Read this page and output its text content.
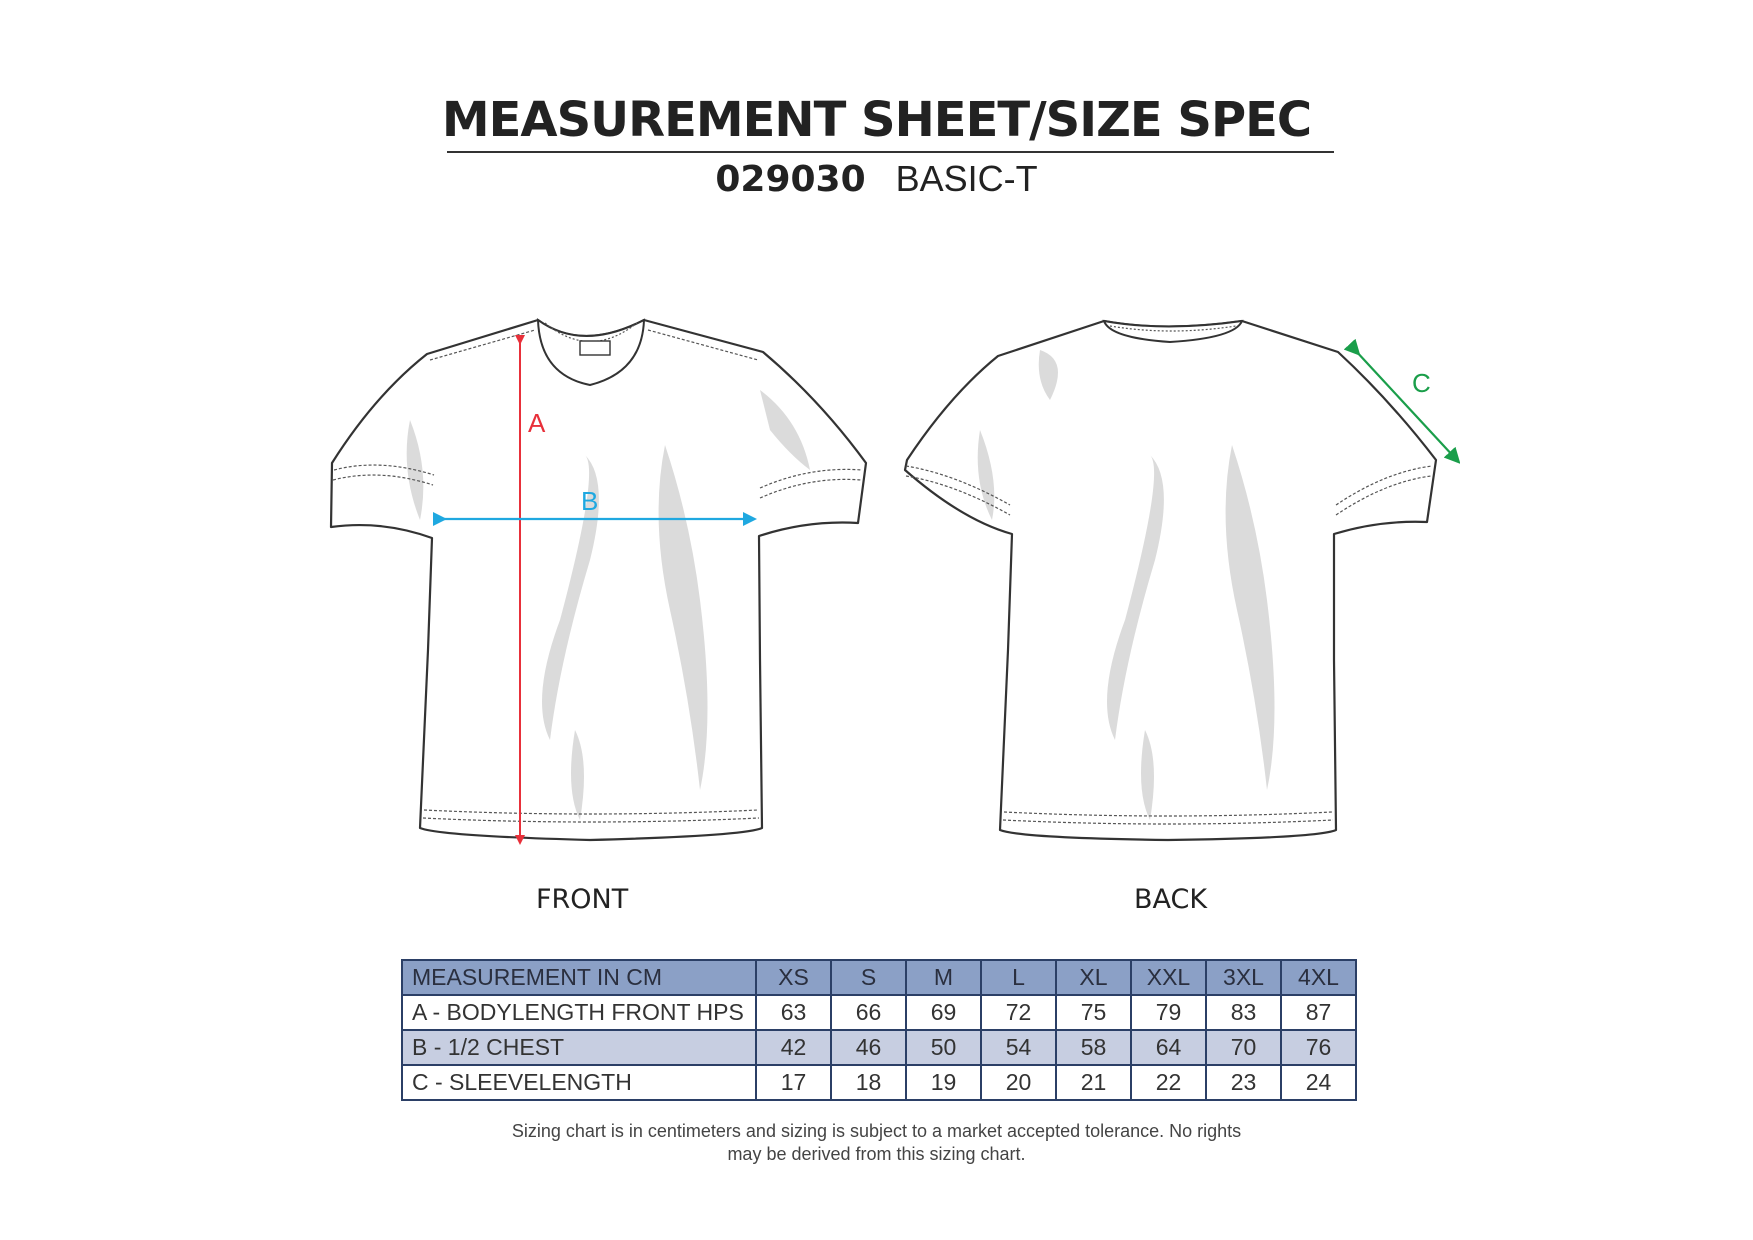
MEASUREMENT SHEET/SIZE SPEC
029030 BASIC-T
A
B
C
FRONT	BACK
MEASUREMENT IN CM	XS	S	M	L	XL	XXL	3XL	4XL
A - BODYLENGTH FRONT HPS	63	66	69	72	75	79	83	87
B - 1/2 CHEST	42	46	50	54	58	64	70	76
C - SLEEVELENGTH	17	18	19	20	21	22	23	24
Sizing chart is in centimeters and sizing is subject to a market accepted tolerance. No rights
may be derived from this sizing chart.
